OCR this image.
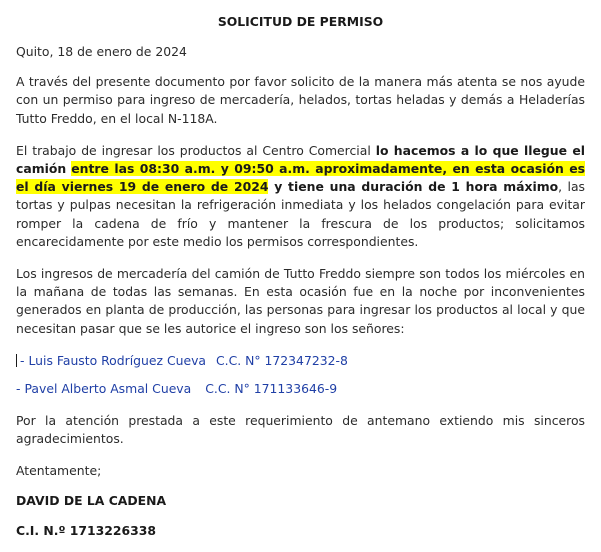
SOLICITUD DE PERMISO

Quito, 18 de enero de 2024

A través del presente documento por favor solicito de la manera más atenta se nos ayude con un permiso para ingreso de mercadería, helados, tortas heladas y demás a Heladerías Tutto Freddo, en el local N-118A.

El trabajo de ingresar los productos al Centro Comercial lo hacemos a lo que llegue el camión entre las 08:30 a.m. y 09:50 a.m. aproximadamente, en esta ocasión es el día viernes 19 de enero de 2024 y tiene una duración de 1 hora máximo, las tortas y pulpas necesitan la refrigeración inmediata y los helados congelación para evitar romper la cadena de frío y mantener la frescura de los productos; solicitamos encarecidamente por este medio los permisos correspondientes.

Los ingresos de mercadería del camión de Tutto Freddo siempre son todos los miércoles en la mañana de todas las semanas. En esta ocasión fue en la noche por inconvenientes generados en planta de producción, las personas para ingresar los productos al local y que necesitan pasar que se les autorice el ingreso son los señores:

- Luis Fausto Rodríguez Cueva C.C. N° 172347232-8
- Pavel Alberto Asmal Cueva C.C. N° 171133646-9

Por la atención prestada a este requerimiento de antemano extiendo mis sinceros agradecimientos.

Atentamente;

DAVID DE LA CADENA
C.I. N.º 1713226338
